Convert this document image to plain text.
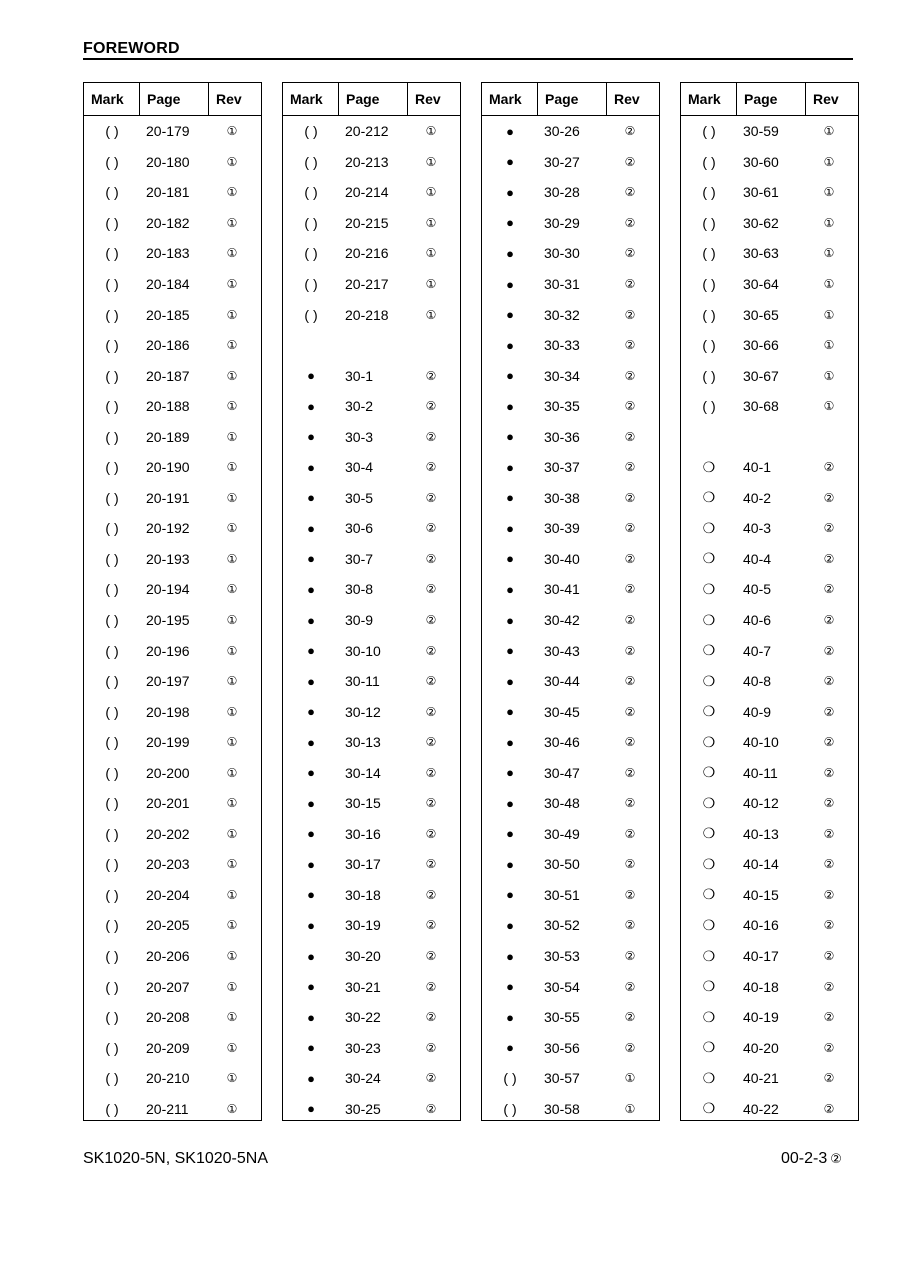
FOREWORD
Mark	Page	Rev
( )	20-179	①
( )	20-180	①
( )	20-181	①
( )	20-182	①
( )	20-183	①
( )	20-184	①
( )	20-185	①
( )	20-186	①
( )	20-187	①
( )	20-188	①
( )	20-189	①
( )	20-190	①
( )	20-191	①
( )	20-192	①
( )	20-193	①
( )	20-194	①
( )	20-195	①
( )	20-196	①
( )	20-197	①
( )	20-198	①
( )	20-199	①
( )	20-200	①
( )	20-201	①
( )	20-202	①
( )	20-203	①
( )	20-204	①
( )	20-205	①
( )	20-206	①
( )	20-207	①
( )	20-208	①
( )	20-209	①
( )	20-210	①
( )	20-211	①
Mark	Page	Rev
( )	20-212	①
( )	20-213	①
( )	20-214	①
( )	20-215	①
( )	20-216	①
( )	20-217	①
( )	20-218	①
●	30-1	②
●	30-2	②
●	30-3	②
●	30-4	②
●	30-5	②
●	30-6	②
●	30-7	②
●	30-8	②
●	30-9	②
●	30-10	②
●	30-11	②
●	30-12	②
●	30-13	②
●	30-14	②
●	30-15	②
●	30-16	②
●	30-17	②
●	30-18	②
●	30-19	②
●	30-20	②
●	30-21	②
●	30-22	②
●	30-23	②
●	30-24	②
●	30-25	②
Mark	Page	Rev
●	30-26	②
●	30-27	②
●	30-28	②
●	30-29	②
●	30-30	②
●	30-31	②
●	30-32	②
●	30-33	②
●	30-34	②
●	30-35	②
●	30-36	②
●	30-37	②
●	30-38	②
●	30-39	②
●	30-40	②
●	30-41	②
●	30-42	②
●	30-43	②
●	30-44	②
●	30-45	②
●	30-46	②
●	30-47	②
●	30-48	②
●	30-49	②
●	30-50	②
●	30-51	②
●	30-52	②
●	30-53	②
●	30-54	②
●	30-55	②
●	30-56	②
( )	30-57	①
( )	30-58	①
Mark	Page	Rev
( )	30-59	①
( )	30-60	①
( )	30-61	①
( )	30-62	①
( )	30-63	①
( )	30-64	①
( )	30-65	①
( )	30-66	①
( )	30-67	①
( )	30-68	①
❍	40-1	②
❍	40-2	②
❍	40-3	②
❍	40-4	②
❍	40-5	②
❍	40-6	②
❍	40-7	②
❍	40-8	②
❍	40-9	②
❍	40-10	②
❍	40-11	②
❍	40-12	②
❍	40-13	②
❍	40-14	②
❍	40-15	②
❍	40-16	②
❍	40-17	②
❍	40-18	②
❍	40-19	②
❍	40-20	②
❍	40-21	②
❍	40-22	②
SK1020-5N, SK1020-5NA	00-2-3 ②
